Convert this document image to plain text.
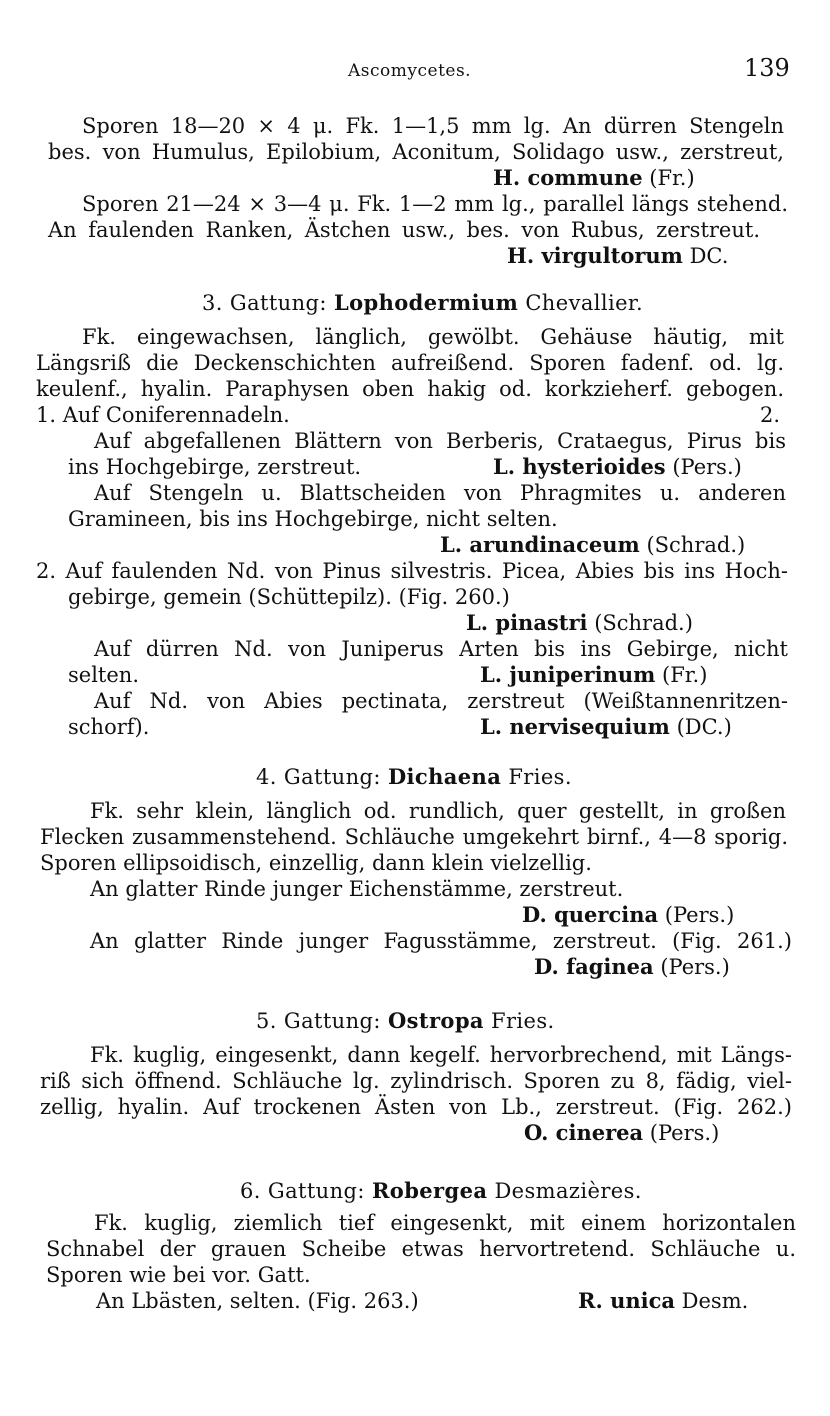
Ascomycetes.	139
Sporen 18—20 × 4 μ. Fk. 1—1,5 mm lg. An dürren Stengeln
bes. von Humulus, Epilobium, Aconitum, Solidago usw., zerstreut,
H. commune (Fr.)
Sporen 21—24 × 3—4 μ. Fk. 1—2 mm lg., parallel längs stehend.
An faulenden Ranken, Ästchen usw., bes. von Rubus, zerstreut.
H. virgultorum DC.
3. Gattung: Lophodermium Chevallier.
Fk. eingewachsen, länglich, gewölbt. Gehäuse häutig, mit
Längsriß die Deckenschichten aufreißend. Sporen fadenf. od. lg.
keulenf., hyalin. Paraphysen oben hakig od. korkzieherf. gebogen.
1. Auf Coniferennadeln.	2.
Auf abgefallenen Blättern von Berberis, Crataegus, Pirus bis
ins Hochgebirge, zerstreut.	L. hysterioides (Pers.)
Auf Stengeln u. Blattscheiden von Phragmites u. anderen
Gramineen, bis ins Hochgebirge, nicht selten.
L. arundinaceum (Schrad.)
2. Auf faulenden Nd. von Pinus silvestris. Picea, Abies bis ins Hoch-
gebirge, gemein (Schüttepilz). (Fig. 260.)
L. pinastri (Schrad.)
Auf dürren Nd. von Juniperus Arten bis ins Gebirge, nicht
selten.	L. juniperinum (Fr.)
Auf Nd. von Abies pectinata, zerstreut (Weißtannenritzen-
schorf).	L. nervisequium (DC.)
4. Gattung: Dichaena Fries.
Fk. sehr klein, länglich od. rundlich, quer gestellt, in großen
Flecken zusammenstehend. Schläuche umgekehrt birnf., 4—8 sporig.
Sporen ellipsoidisch, einzellig, dann klein vielzellig.
An glatter Rinde junger Eichenstämme, zerstreut.
D. quercina (Pers.)
An glatter Rinde junger Fagusstämme, zerstreut. (Fig. 261.)
D. faginea (Pers.)
5. Gattung: Ostropa Fries.
Fk. kuglig, eingesenkt, dann kegelf. hervorbrechend, mit Längs-
riß sich öffnend. Schläuche lg. zylindrisch. Sporen zu 8, fädig, viel-
zellig, hyalin. Auf trockenen Ästen von Lb., zerstreut. (Fig. 262.)
O. cinerea (Pers.)
6. Gattung: Robergea Desmazières.
Fk. kuglig, ziemlich tief eingesenkt, mit einem horizontalen
Schnabel der grauen Scheibe etwas hervortretend. Schläuche u.
Sporen wie bei vor. Gatt.
An Lbästen, selten. (Fig. 263.)	R. unica Desm.
